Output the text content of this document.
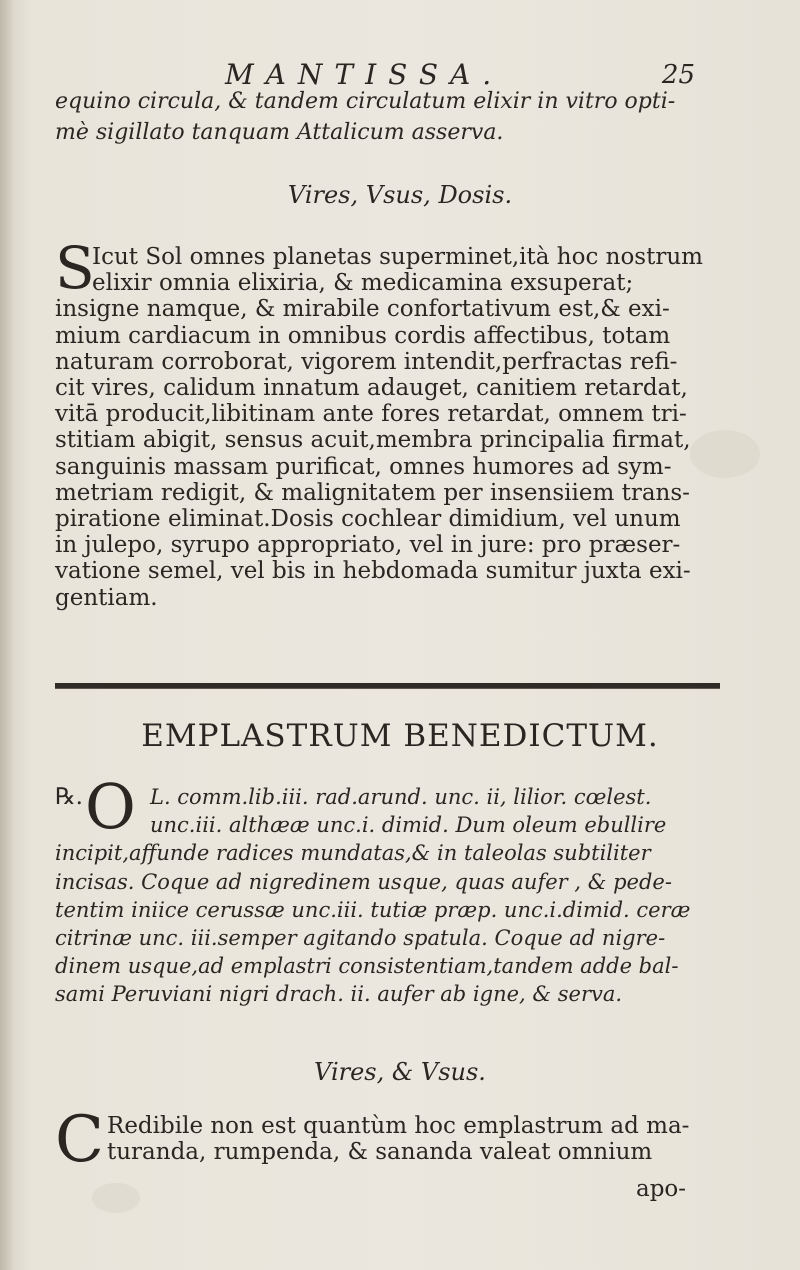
MANTISSA.	25
equino circula, & tandem circulatum elixir in vitro opti-
mè sigillato tanquam Attalicum asserva.
Vires, Vsus, Dosis.
S
Icut Sol omnes planetas superminet,ità hoc nostrum
elixir omnia elixiria, & medicamina exsuperat;
insigne namque, & mirabile confortativum est,& exi-
mium cardiacum in omnibus cordis affectibus, totam
naturam corroborat, vigorem intendit,perfractas refi-
cit vires, calidum innatum adauget, canitiem retardat,
vitā producit,libitinam ante fores retardat, omnem tri-
stitiam abigit, sensus acuit,membra principalia firmat,
sanguinis massam purificat, omnes humores ad sym-
metriam redigit, & malignitatem per insensiiem trans-
piratione eliminat.Dosis cochlear dimidium, vel unum
in julepo, syrupo appropriato, vel in jure: pro præser-
vatione semel, vel bis in hebdomada sumitur juxta exi-
gentiam.
EMPLASTRUM BENEDICTUM.
℞. O L. comm.lib.iii. rad.arund. unc. ii, lilior. cœlest.
unc.iii. althææ unc.i. dimid. Dum oleum ebullire
incipit,affunde radices mundatas,& in taleolas subtiliter
incisas. Coque ad nigredinem usque, quas aufer , & pede-
tentim iniice cerussæ unc.iii. tutiæ præp. unc.i.dimid. ceræ
citrinæ unc. iii.semper agitando spatula. Coque ad nigre-
dinem usque,ad emplastri consistentiam,tandem adde bal-
sami Peruviani nigri drach. ii. aufer ab igne, & serva.
Vires, & Vsus.
C Redibile non est quantùm hoc emplastrum ad ma-
turanda, rumpenda, & sananda valeat omnium
apo-
